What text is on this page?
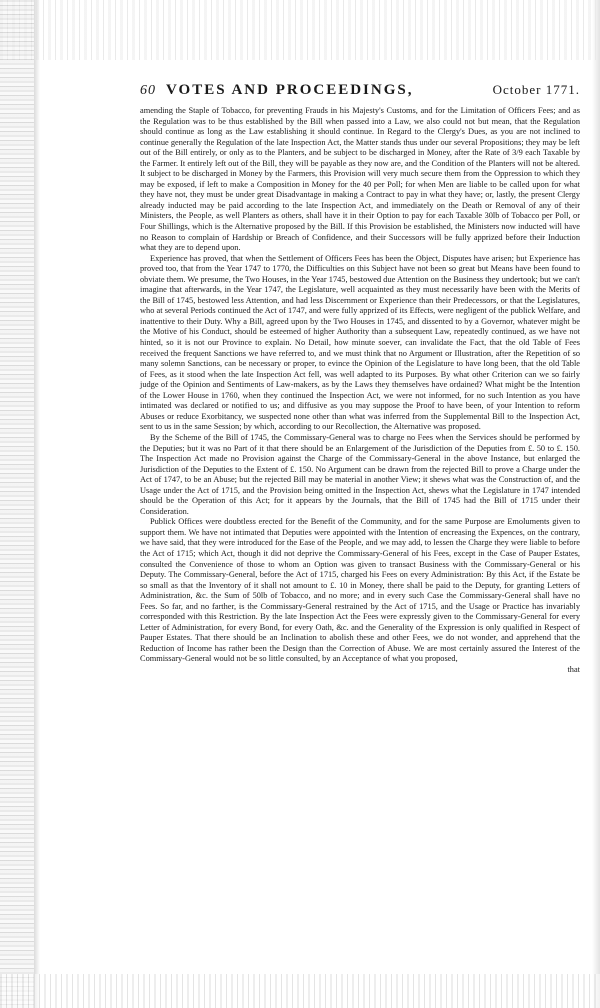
60 VOTES AND PROCEEDINGS,	October 1771.

amending the Staple of Tobacco, for preventing Frauds in his Majesty's Customs, and for the Limitation of Officers Fees; and as the Regulation was to be thus established by the Bill when passed into a Law, we also could not but mean, that the Regulation should continue as long as the Law establishing it should continue. In Regard to the Clergy's Dues, as you are not inclined to continue generally the Regulation of the late Inspection Act, the Matter stands thus under our several Propositions; they may be left out of the Bill entirely, or only as to the Planters, and be subject to be discharged in Money, after the Rate of 3/9 each Taxable by the Farmer. It entirely left out of the Bill, they will be payable as they now are, and the Condition of the Planters will not be altered. It subject to be discharged in Money by the Farmers, this Provision will very much secure them from the Oppression to which they may be exposed, if left to make a Composition in Money for the 40 per Poll; for when Men are liable to be called upon for what they have not, they must be under great Disadvantage in making a Contract to pay in what they have; or, lastly, the present Clergy already inducted may be paid according to the late Inspection Act, and immediately on the Death or Removal of any of their Ministers, the People, as well Planters as others, shall have it in their Option to pay for each Taxable 30lb of Tobacco per Poll, or Four Shillings, which is the Alternative proposed by the Bill. If this Provision be established, the Ministers now inducted will have no Reason to complain of Hardship or Breach of Confidence, and their Successors will be fully apprized before their Induction what they are to depend upon.

Experience has proved, that when the Settlement of Officers Fees has been the Object, Disputes have arisen; but Experience has proved too, that from the Year 1747 to 1770, the Difficulties on this Subject have not been so great but Means have been found to obviate them. We presume, the Two Houses, in the Year 1745, bestowed due Attention on the Business they undertook; but we can't imagine that afterwards, in the Year 1747, the Legislature, well acquainted as they must necessarily have been with the Merits of the Bill of 1745, bestowed less Attention, and had less Discernment or Experience than their Predecessors, or that the Legislatures, who at several Periods continued the Act of 1747, and were fully apprized of its Effects, were negligent of the publick Welfare, and inattentive to their Duty. Why a Bill, agreed upon by the Two Houses in 1745, and dissented to by a Governor, whatever might be the Motive of his Conduct, should be esteemed of higher Authority than a subsequent Law, repeatedly continued, as we have not hinted, so it is not our Province to explain. No Detail, how minute soever, can invalidate the Fact, that the old Table of Fees received the frequent Sanctions we have referred to, and we must think that no Argument or Illustration, after the Repetition of so many solemn Sanctions, can be necessary or proper, to evince the Opinion of the Legislature to have long been, that the old Table of Fees, as it stood when the late Inspection Act fell, was well adapted to its Purposes. By what other Criterion can we so fairly judge of the Opinion and Sentiments of Law-makers, as by the Laws they themselves have ordained? What might be the Intention of the Lower House in 1760, when they continued the Inspection Act, we were not informed, for no such Intention as you have intimated was declared or notified to us; and diffusive as you may suppose the Proof to have been, of your Intention to reform Abuses or reduce Exorbitancy, we suspected none other than what was inferred from the Supplemental Bill to the Inspection Act, sent to us in the same Session; by which, according to our Recollection, the Alternative was proposed.

By the Scheme of the Bill of 1745, the Commissary-General was to charge no Fees when the Services should be performed by the Deputies; but it was no Part of it that there should be an Enlargement of the Jurisdiction of the Deputies from £. 50 to £. 150. The Inspection Act made no Provision against the Charge of the Commissary-General in the above Instance, but enlarged the Jurisdiction of the Deputies to the Extent of £. 150. No Argument can be drawn from the rejected Bill to prove a Charge under the Act of 1747, to be an Abuse; but the rejected Bill may be material in another View; it shews what was the Construction of, and the Usage under the Act of 1715, and the Provision being omitted in the Inspection Act, shews what the Legislature in 1747 intended should be the Operation of this Act; for it appears by the Journals, that the Bill of 1745 had the Bill of 1715 under their Consideration.

Publick Offices were doubtless erected for the Benefit of the Community, and for the same Purpose are Emoluments given to support them. We have not intimated that Deputies were appointed with the Intention of encreasing the Expences, on the contrary, we have said, that they were introduced for the Ease of the People, and we may add, to lessen the Charge they were liable to before the Act of 1715; which Act, though it did not deprive the Commissary-General of his Fees, except in the Case of Pauper Estates, consulted the Convenience of those to whom an Option was given to transact Business with the Commissary-General or his Deputy. The Commissary-General, before the Act of 1715, charged his Fees on every Administration: By this Act, if the Estate be so small as that the Inventory of it shall not amount to £. 10 in Money, there shall be paid to the Deputy, for granting Letters of Administration, &c. the Sum of 50lb of Tobacco, and no more; and in every such Case the Commissary-General shall have no Fees. So far, and no farther, is the Commissary-General restrained by the Act of 1715, and the Usage or Practice has invariably corresponded with this Restriction. By the late Inspection Act the Fees were expressly given to the Commissary-General for every Letter of Administration, for every Bond, for every Oath, &c. and the Generality of the Expression is only qualified in Respect of Pauper Estates. That there should be an Inclination to abolish these and other Fees, we do not wonder, and apprehend that the Reduction of Income has rather been the Design than the Correction of Abuse. We are most certainly assured the Interest of the Commissary-General would not be so little consulted, by an Acceptance of what you proposed,

that
